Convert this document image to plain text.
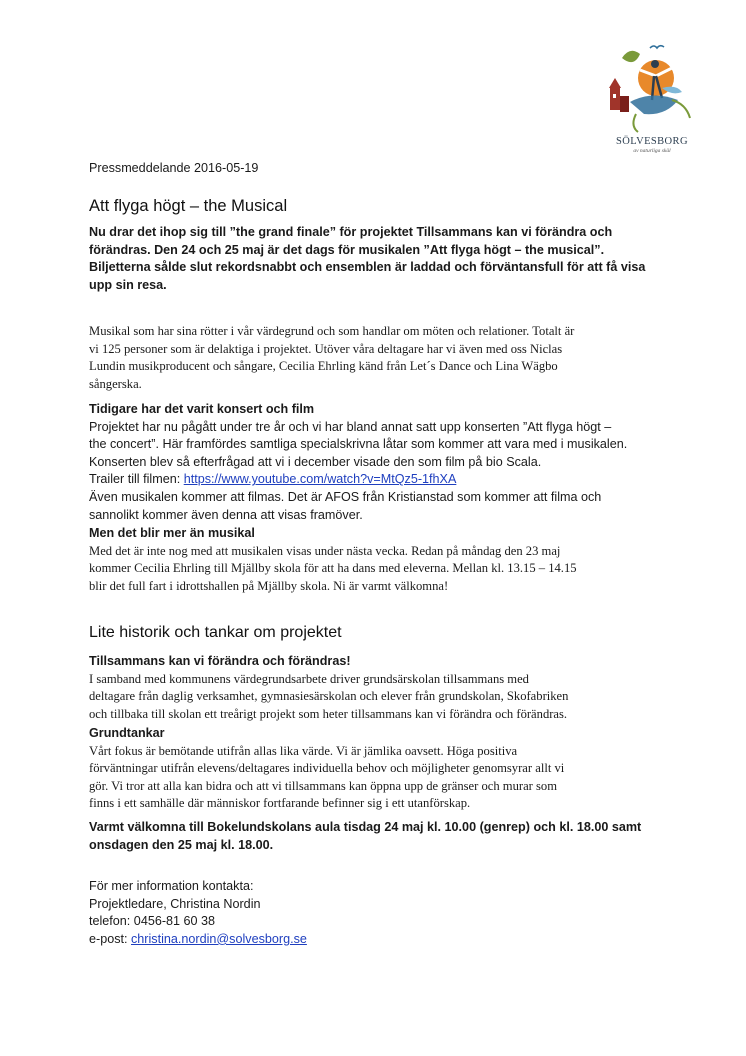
SÖLVESBORG
av naturliga skäl
Pressmeddelande 2016-05-19
Att flyga högt – the Musical
Nu drar det ihop sig till ”the grand finale” för projektet Tillsammans kan vi förändra och
förändras. Den 24 och 25 maj är det dags för musikalen ”Att flyga högt – the musical”.
Biljetterna sålde slut rekordsnabbt och ensemblen är laddad och förväntansfull för att få visa
upp sin resa.
Musikal som har sina rötter i vår värdegrund och som handlar om möten och relationer. Totalt är
vi 125 personer som är delaktiga i projektet. Utöver våra deltagare har vi även med oss Niclas
Lundin musikproducent och sångare, Cecilia Ehrling känd från Let´s Dance och Lina Wägbo
sångerska.
Tidigare har det varit konsert och film
Projektet har nu pågått under tre år och vi har bland annat satt upp konserten ”Att flyga högt –
the concert”. Här framfördes samtliga specialskrivna låtar som kommer att vara med i musikalen.
Konserten blev så efterfrågad att vi i december visade den som film på bio Scala.
Trailer till filmen: https://www.youtube.com/watch?v=MtQz5-1fhXA
Även musikalen kommer att filmas. Det är AFOS från Kristianstad som kommer att filma och
sannolikt kommer även denna att visas framöver.
Men det blir mer än musikal
Med det är inte nog med att musikalen visas under nästa vecka. Redan på måndag den 23 maj
kommer Cecilia Ehrling till Mjällby skola för att ha dans med eleverna. Mellan kl. 13.15 – 14.15
blir det full fart i idrottshallen på Mjällby skola. Ni är varmt välkomna!
Lite historik och tankar om projektet
Tillsammans kan vi förändra och förändras!
I samband med kommunens värdegrundsarbete driver grundsärskolan tillsammans med
deltagare från daglig verksamhet, gymnasiesärskolan och elever från grundskolan, Skofabriken
och tillbaka till skolan ett treårigt projekt som heter tillsammans kan vi förändra och förändras.
Grundtankar
Vårt fokus är bemötande utifrån allas lika värde. Vi är jämlika oavsett. Höga positiva
förväntningar utifrån elevens/deltagares individuella behov och möjligheter genomsyrar allt vi
gör. Vi tror att alla kan bidra och att vi tillsammans kan öppna upp de gränser och murar som
finns i ett samhälle där människor fortfarande befinner sig i ett utanförskap.
Varmt välkomna till Bokelundskolans aula tisdag 24 maj kl. 10.00 (genrep) och kl. 18.00 samt
onsdagen den 25 maj kl. 18.00.
För mer information kontakta:
Projektledare, Christina Nordin
telefon: 0456-81 60 38
e-post: christina.nordin@solvesborg.se
